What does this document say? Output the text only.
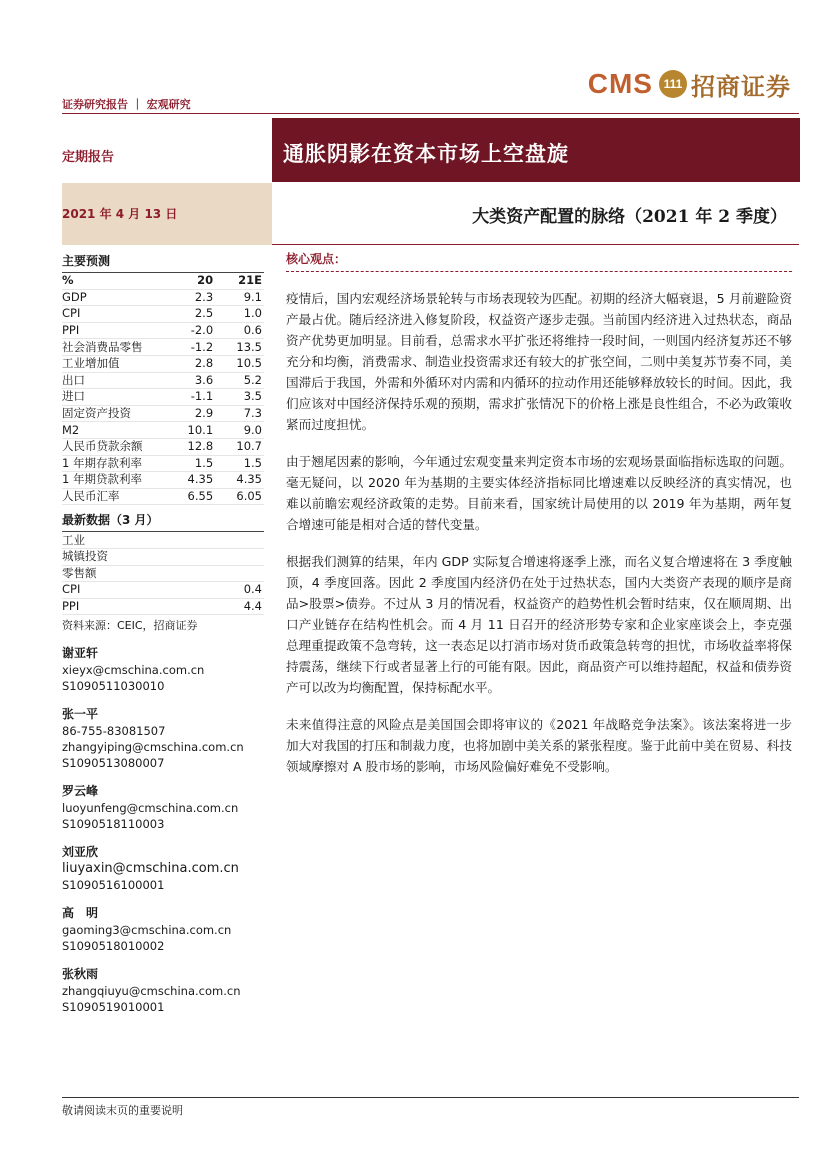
CMS 111 招商证券
证券研究报告 ｜ 宏观研究
定期报告	通胀阴影在资本市场上空盘旋
2021 年 4 月 13 日	大类资产配置的脉络（2021 年 2 季度）
主要预测
%	20	21E
GDP	2.3	9.1
CPI	2.5	1.0
PPI	-2.0	0.6
社会消费品零售	-1.2	13.5
工业增加值	2.8	10.5
出口	3.6	5.2
进口	-1.1	3.5
固定资产投资	2.9	7.3
M2	10.1	9.0
人民币贷款余额	12.8	10.7
1 年期存款利率	1.5	1.5
1 年期贷款利率	4.35	4.35
人民币汇率	6.55	6.05
最新数据（3 月）
工业	
城镇投资	
零售额	
CPI	0.4
PPI	4.4
资料来源：CEIC，招商证券
谢亚轩
xieyx@cmschina.com.cn
S1090511030010
张一平
86-755-83081507
zhangyiping@cmschina.com.cn
S1090513080007
罗云峰
luoyunfeng@cmschina.com.cn
S1090518110003
刘亚欣
liuyaxin@cmschina.com.cn
S1090516100001
高　明
gaoming3@cmschina.com.cn
S1090518010002
张秋雨
zhangqiuyu@cmschina.com.cn
S1090519010001
核心观点：

疫情后，国内宏观经济场景轮转与市场表现较为匹配。初期的经济大幅衰退，5 月前避险资产最占优。随后经济进入修复阶段，权益资产逐步走强。当前国内经济进入过热状态，商品资产优势更加明显。目前看，总需求水平扩张还将维持一段时间，一则国内经济复苏还不够充分和均衡，消费需求、制造业投资需求还有较大的扩张空间，二则中美复苏节奏不同，美国滞后于我国，外需和外循环对内需和内循环的拉动作用还能够释放较长的时间。因此，我们应该对中国经济保持乐观的预期，需求扩张情况下的价格上涨是良性组合，不必为政策收紧而过度担忧。

由于翘尾因素的影响，今年通过宏观变量来判定资本市场的宏观场景面临指标选取的问题。毫无疑问，以 2020 年为基期的主要实体经济指标同比增速难以反映经济的真实情况，也难以前瞻宏观经济政策的走势。目前来看，国家统计局使用的以 2019 年为基期，两年复合增速可能是相对合适的替代变量。

根据我们测算的结果，年内 GDP 实际复合增速将逐季上涨，而名义复合增速将在 3 季度触顶，4 季度回落。因此 2 季度国内经济仍在处于过热状态，国内大类资产表现的顺序是商品>股票>债券。不过从 3 月的情况看，权益资产的趋势性机会暂时结束，仅在顺周期、出口产业链存在结构性机会。而 4 月 11 日召开的经济形势专家和企业家座谈会上，李克强总理重提政策不急弯转，这一表态足以打消市场对货币政策急转弯的担忧，市场收益率将保持震荡，继续下行或者显著上行的可能有限。因此，商品资产可以维持超配，权益和债券资产可以改为均衡配置，保持标配水平。

未来值得注意的风险点是美国国会即将审议的《2021 年战略竞争法案》。该法案将进一步加大对我国的打压和制裁力度，也将加剧中美关系的紧张程度。鉴于此前中美在贸易、科技领域摩擦对 A 股市场的影响，市场风险偏好难免不受影响。

敬请阅读末页的重要说明
